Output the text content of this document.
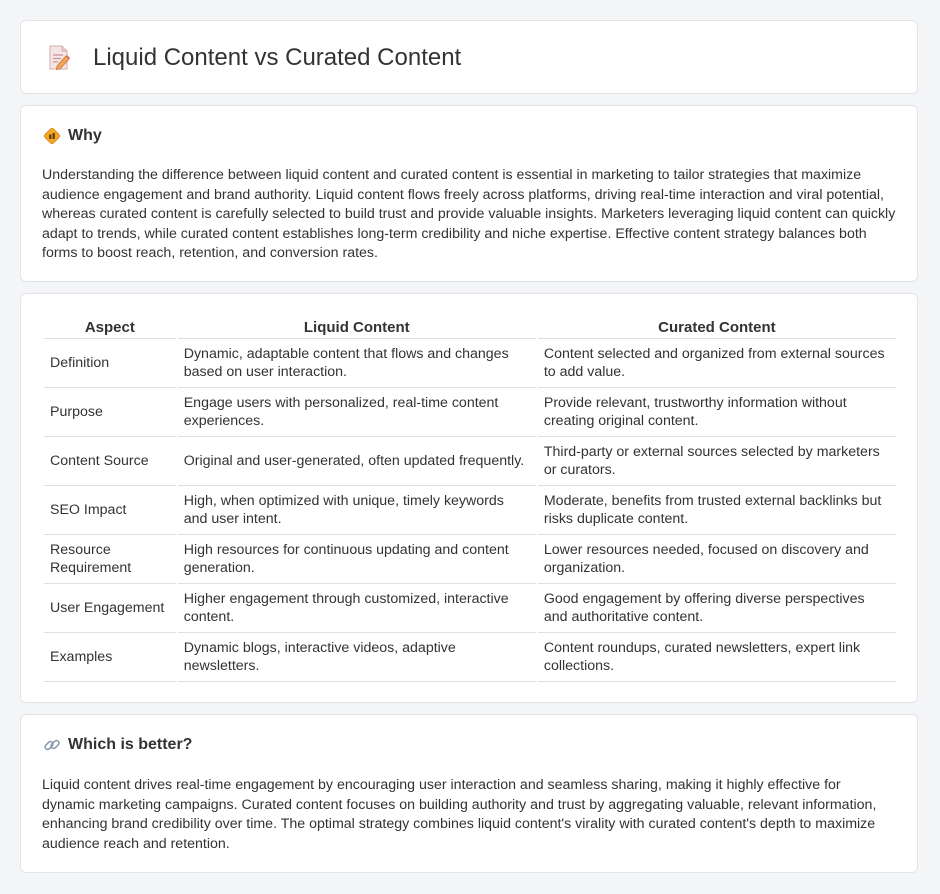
Liquid Content vs Curated Content
Why
Understanding the difference between liquid content and curated content is essential in marketing to tailor strategies that maximize audience engagement and brand authority. Liquid content flows freely across platforms, driving real-time interaction and viral potential, whereas curated content is carefully selected to build trust and provide valuable insights. Marketers leveraging liquid content can quickly adapt to trends, while curated content establishes long-term credibility and niche expertise. Effective content strategy balances both forms to boost reach, retention, and conversion rates.
Aspect	Liquid Content	Curated Content
Definition	Dynamic, adaptable content that flows and changes based on user interaction.	Content selected and organized from external sources to add value.
Purpose	Engage users with personalized, real-time content experiences.	Provide relevant, trustworthy information without creating original content.
Content Source	Original and user-generated, often updated frequently.	Third-party or external sources selected by marketers or curators.
SEO Impact	High, when optimized with unique, timely keywords and user intent.	Moderate, benefits from trusted external backlinks but risks duplicate content.
Resource Requirement	High resources for continuous updating and content generation.	Lower resources needed, focused on discovery and organization.
User Engagement	Higher engagement through customized, interactive content.	Good engagement by offering diverse perspectives and authoritative content.
Examples	Dynamic blogs, interactive videos, adaptive newsletters.	Content roundups, curated newsletters, expert link collections.
Which is better?
Liquid content drives real-time engagement by encouraging user interaction and seamless sharing, making it highly effective for dynamic marketing campaigns. Curated content focuses on building authority and trust by aggregating valuable, relevant information, enhancing brand credibility over time. The optimal strategy combines liquid content's virality with curated content's depth to maximize audience reach and retention.
